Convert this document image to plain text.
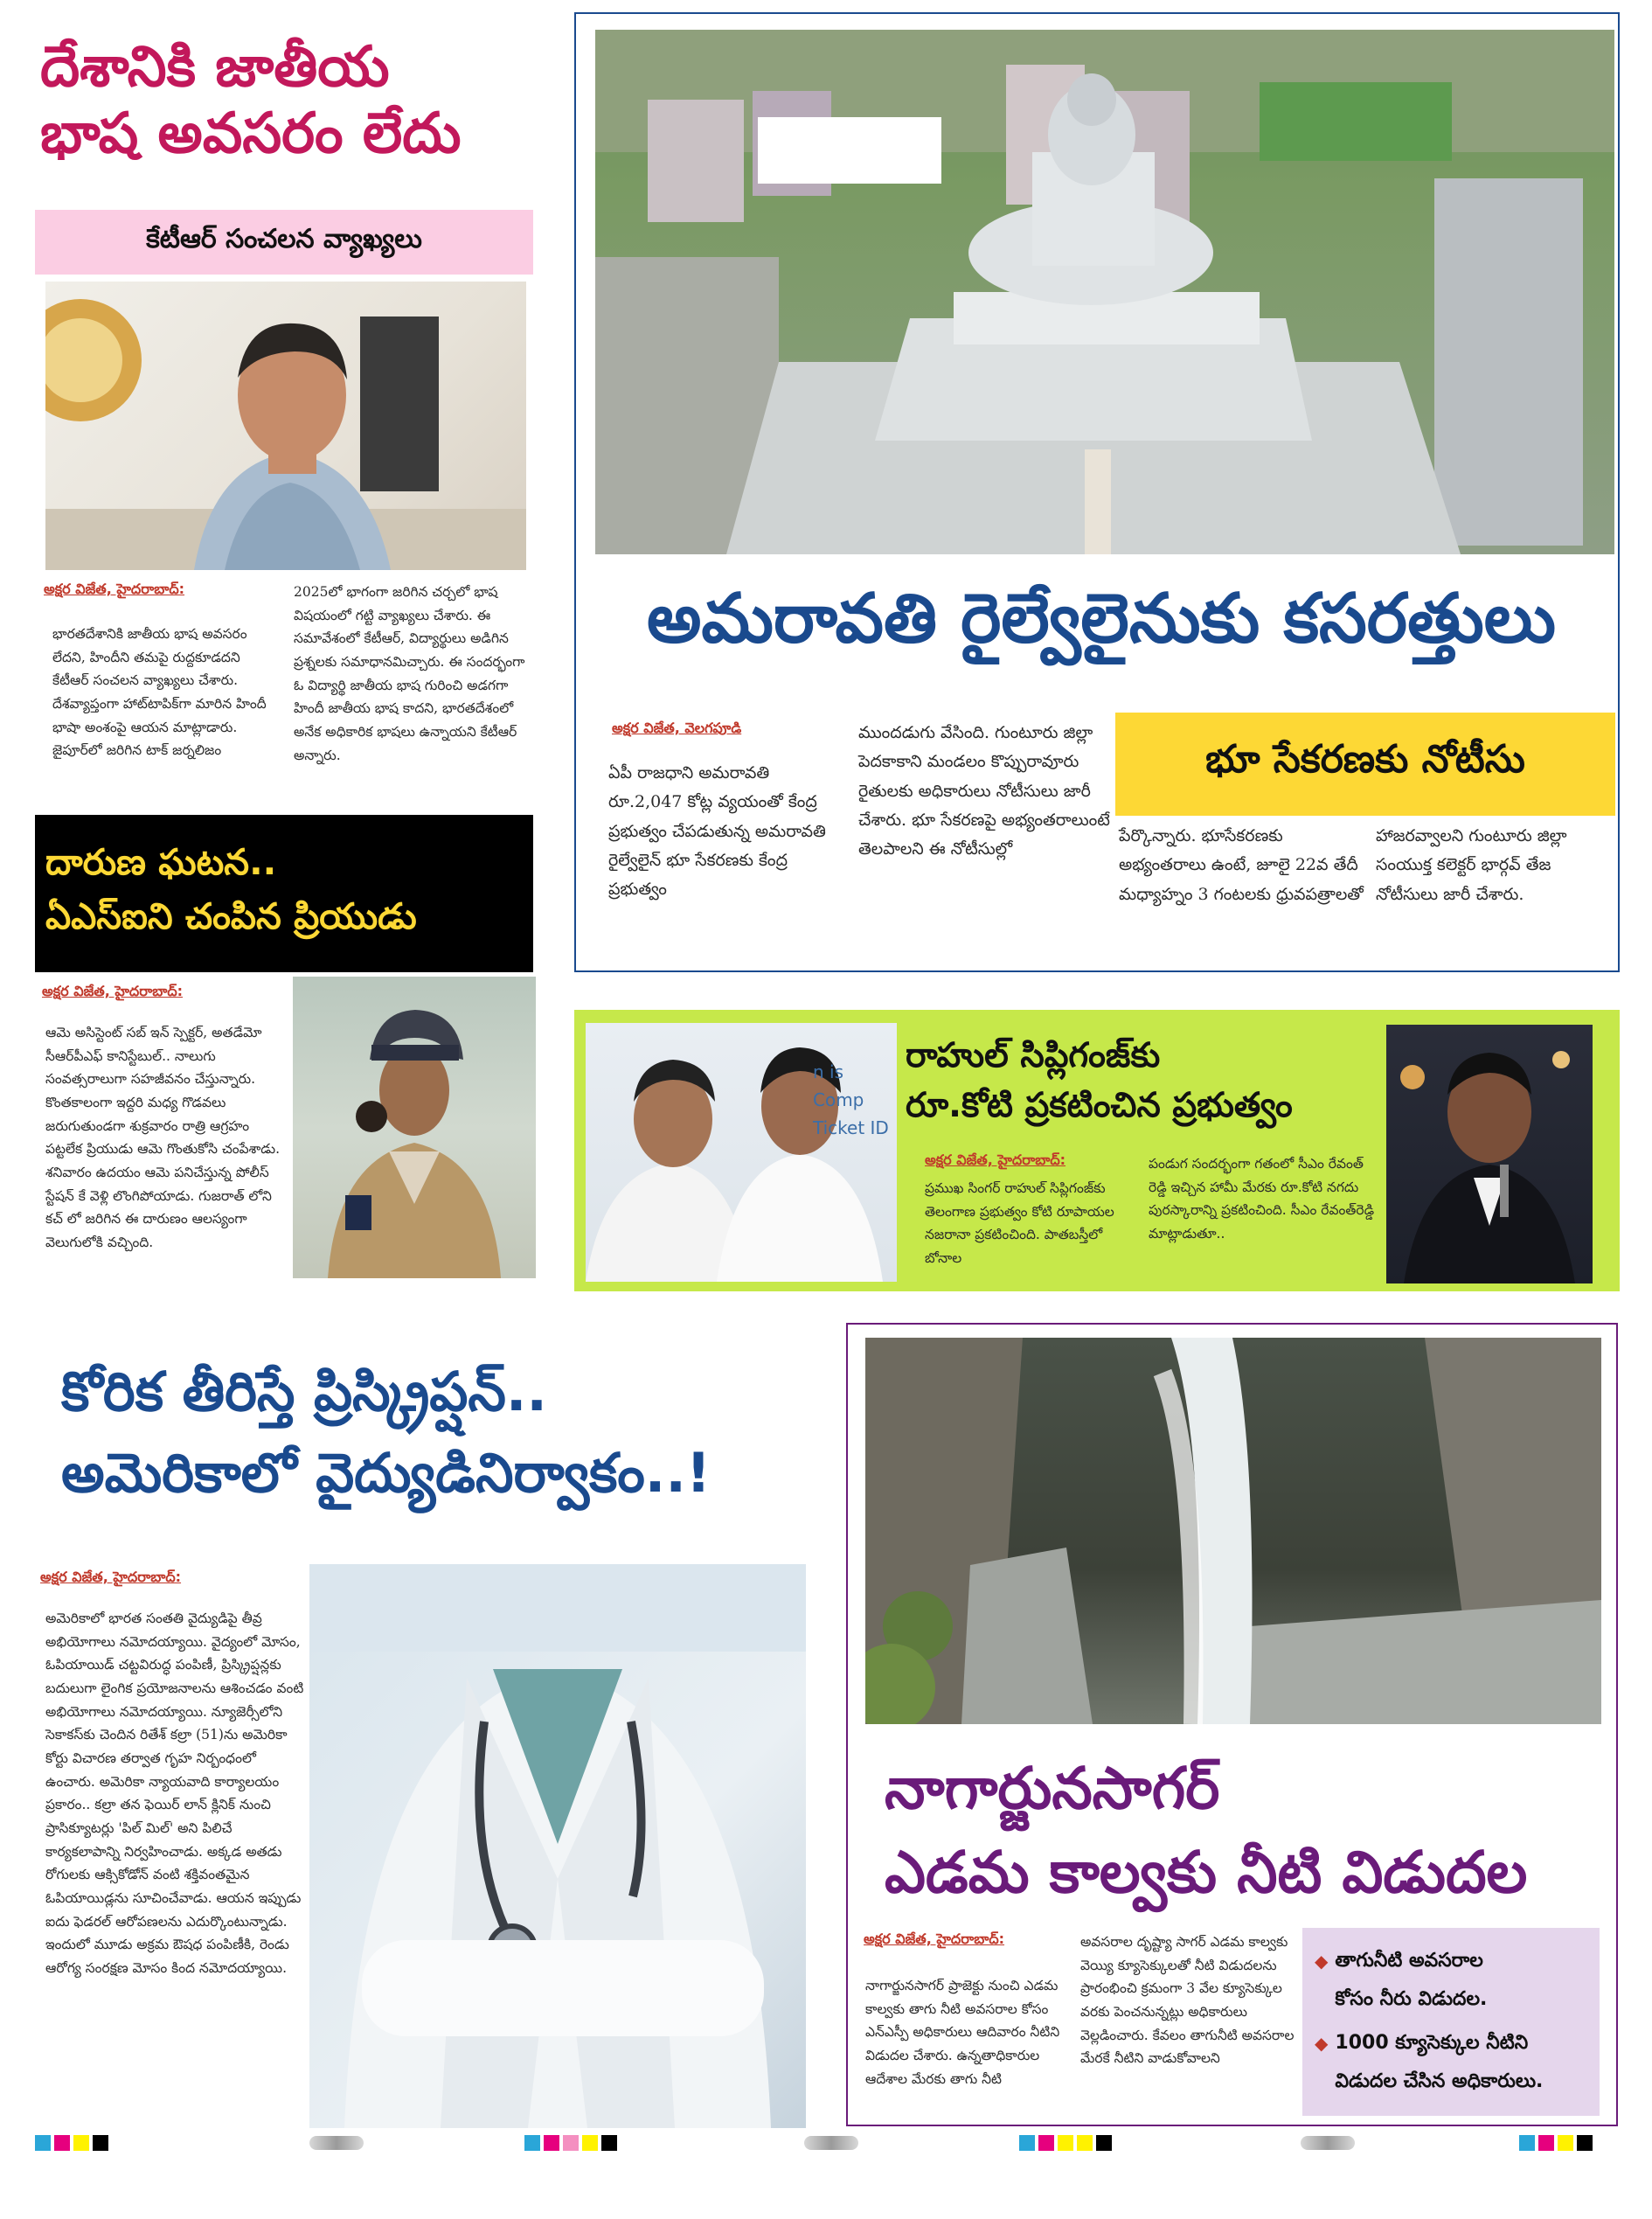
దేశానికి జాతీయ
భాష అవసరం లేదు
కేటీఆర్ సంచలన వ్యాఖ్యలు
అక్షర విజేత, హైదరాబాద్:
భారతదేశానికి జాతీయ భాష అవసరం లేదని, హిందీని తమపై రుద్దకూడదని కేటీఆర్ సంచలన వ్యాఖ్యలు చేశారు. దేశవ్యాప్తంగా హాట్‌టాపిక్‌గా మారిన హిందీ భాషా అంశంపై ఆయన మాట్లాడారు. జైపూర్‌లో జరిగిన టాక్ జర్నలిజం
2025లో భాగంగా జరిగిన చర్చలో భాష విషయంలో గట్టి వ్యాఖ్యలు చేశారు. ఈ సమావేశంలో కేటీఆర్, విద్యార్థులు అడిగిన ప్రశ్నలకు సమాధానమిచ్చారు. ఈ సందర్భంగా ఓ విద్యార్థి జాతీయ భాష గురించి అడగగా హిందీ జాతీయ భాష కాదని, భారతదేశంలో అనేక అధికారిక భాషలు ఉన్నాయని కేటీఆర్ అన్నారు.
దారుణ ఘటన..
ఏఎస్ఐని చంపిన ప్రియుడు
అక్షర విజేత, హైదరాబాద్:
ఆమె అసిస్టెంట్ సబ్ ఇన్ స్పెక్టర్, అతడేమో సీఆర్‌పీఎఫ్ కానిస్టేబుల్.. నాలుగు సంవత్సరాలుగా సహజీవనం చేస్తున్నారు. కొంతకాలంగా ఇద్దరి మధ్య గొడవలు జరుగుతుండగా శుక్రవారం రాత్రి ఆగ్రహం పట్టలేక ప్రియుడు ఆమె గొంతుకోసి చంపేశాడు. శనివారం ఉదయం ఆమె పనిచేస్తున్న పోలీస్ స్టేషన్ కే వెళ్లి లొంగిపోయాడు. గుజరాత్ లోని కచ్ లో జరిగిన ఈ దారుణం ఆలస్యంగా వెలుగులోకి వచ్చింది.
అమరావతి రైల్వేలైనుకు కసరత్తులు
అక్షర విజేత, వెలగపూడి
ఏపీ రాజధాని అమరావతి రూ.2,047 కోట్ల వ్యయంతో కేంద్ర ప్రభుత్వం చేపడుతున్న అమరావతి రైల్వేలైన్ భూ సేకరణకు కేంద్ర ప్రభుత్వం
ముందడుగు వేసింది. గుంటూరు జిల్లా పెదకాకాని మండలం కొప్పురావూరు రైతులకు అధికారులు నోటీసులు జారీ చేశారు. భూ సేకరణపై అభ్యంతరాలుంటే తెలపాలని ఈ నోటీసుల్లో
భూ సేకరణకు నోటీసు
పేర్కొన్నారు. భూసేకరణకు అభ్యంతరాలు ఉంటే, జూలై 22వ తేదీ మధ్యాహ్నం 3 గంటలకు ధ్రువపత్రాలతో
హాజరవ్వాలని గుంటూరు జిల్లా సంయుక్త కలెక్టర్ భార్గవ్ తేజ నోటీసులు జారీ చేశారు.
n is Comp
Ticket ID
రాహుల్ సిప్లిగంజ్‌కు
రూ.కోటి ప్రకటించిన ప్రభుత్వం
అక్షర విజేత, హైదరాబాద్:
ప్రముఖ సింగర్ రాహుల్ సిప్లిగంజ్‌కు తెలంగాణ ప్రభుత్వం కోటి రూపాయల నజరానా ప్రకటించింది. పాతబస్తీలో బోనాల
పండుగ సందర్భంగా గతంలో సీఎం రేవంత్ రెడ్డి ఇచ్చిన హామీ మేరకు రూ.కోటి నగదు పురస్కారాన్ని ప్రకటించింది. సీఎం రేవంత్‌రెడ్డి మాట్లాడుతూ..
కోరిక తీరిస్తే ప్రిస్క్రిప్షన్..
అమెరికాలో వైద్యుడినిర్వాకం..!
అక్షర విజేత, హైదరాబాద్:
అమెరికాలో భారత సంతతి వైద్యుడిపై తీవ్ర అభియోగాలు నమోదయ్యాయి. వైద్యంలో మోసం, ఓపియాయిడ్ చట్టవిరుద్ధ పంపిణీ, ప్రిస్క్రిప్షన్లకు బదులుగా లైంగిక ప్రయోజనాలను ఆశించడం వంటి అభియోగాలు నమోదయ్యాయి. న్యూజెర్సీలోని సెకాకస్‌కు చెందిన రితేశ్ కల్రా (51)ను అమెరికా కోర్టు విచారణ తర్వాత గృహ నిర్బంధంలో ఉంచారు. అమెరికా న్యాయవాది కార్యాలయం ప్రకారం.. కల్రా తన ఫెయిర్ లాన్ క్లినిక్ నుంచి ప్రాసిక్యూటర్లు 'పిల్ మిల్' అని పిలిచే కార్యకలాపాన్ని నిర్వహించాడు. అక్కడ అతడు రోగులకు ఆక్సికోడోన్ వంటి శక్తివంతమైన ఓపియాయిడ్లను సూచించేవాడు. ఆయన ఇప్పుడు ఐదు ఫెడరల్ ఆరోపణలను ఎదుర్కొంటున్నాడు. ఇందులో మూడు అక్రమ ఔషధ పంపిణీకి, రెండు ఆరోగ్య సంరక్షణ మోసం కింద నమోదయ్యాయి.
నాగార్జునసాగర్
ఎడమ కాల్వకు నీటి విడుదల
అక్షర విజేత, హైదరాబాద్:
నాగార్జునసాగర్ ప్రాజెక్టు నుంచి ఎడమ కాల్వకు తాగు నీటి అవసరాల కోసం ఎన్ఎస్పీ అధికారులు ఆదివారం నీటిని విడుదల చేశారు. ఉన్నతాధికారుల ఆదేశాల మేరకు తాగు నీటి
అవసరాల దృష్ట్యా సాగర్ ఎడమ కాల్వకు వెయ్యి క్యూసెక్కులతో నీటి విడుదలను ప్రారంభించి క్రమంగా 3 వేల క్యూసెక్కుల వరకు పెంచనున్నట్లు అధికారులు వెల్లడించారు. కేవలం తాగునీటి అవసరాల మేరకే నీటిని వాడుకోవాలని
◆ తాగునీటి అవసరాల
కోసం నీరు విడుదల.
◆ 1000 క్యూసెక్కుల నీటిని
విడుదల చేసిన అధికారులు.
